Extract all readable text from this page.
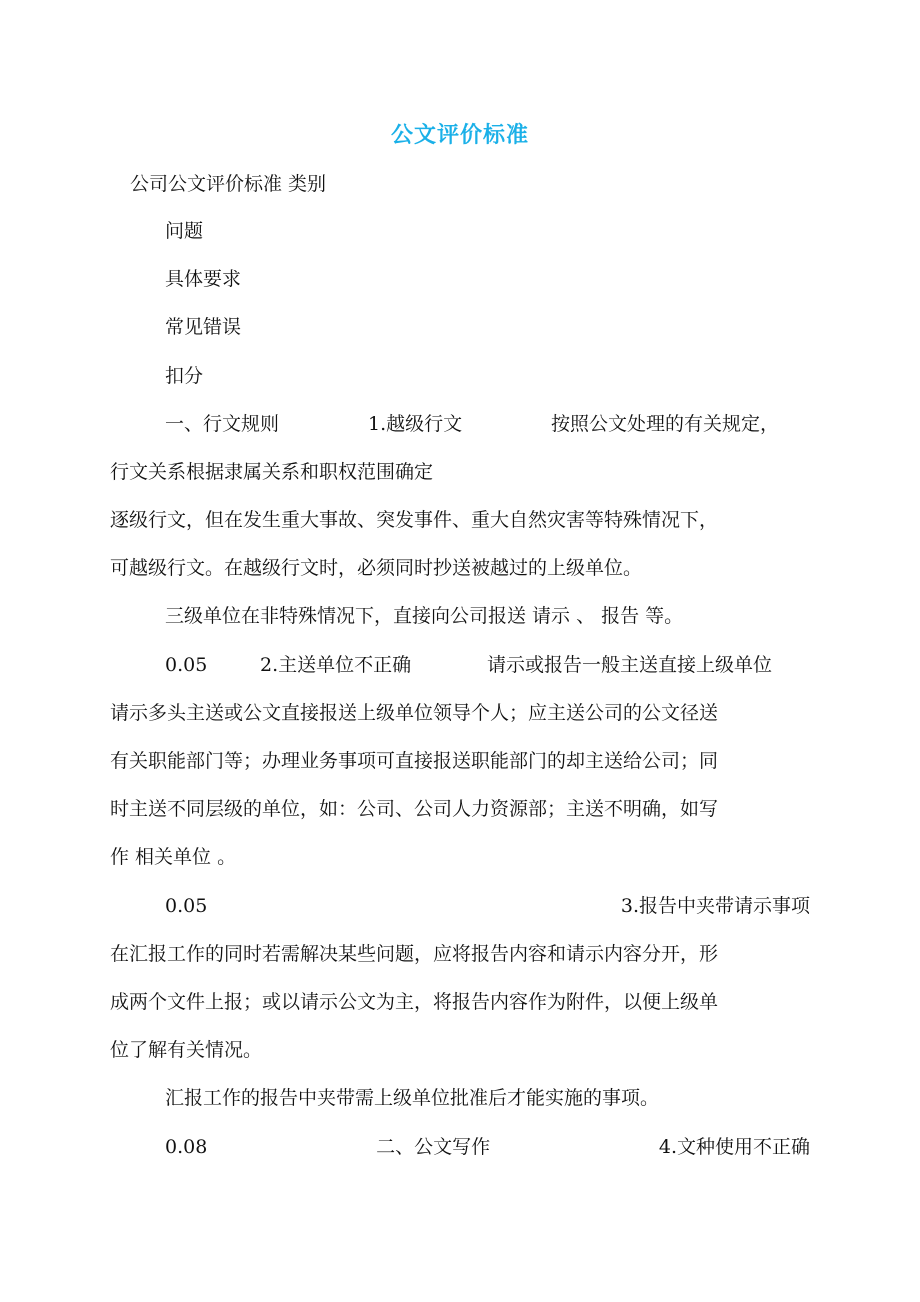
公文评价标准
公司公文评价标准 类别
问题
具体要求
常见错误
扣分
一、行文规则	1.越级行文	按照公文处理的有关规定，
行文关系根据隶属关系和职权范围确定
逐级行文，但在发生重大事故、突发事件、重大自然灾害等特殊情况下，
可越级行文。在越级行文时，必须同时抄送被越过的上级单位。
三级单位在非特殊情况下，直接向公司报送 请示 、 报告 等。
0.05	2.主送单位不正确	请示或报告一般主送直接上级单位
请示多头主送或公文直接报送上级单位领导个人；应主送公司的公文径送
有关职能部门等；办理业务事项可直接报送职能部门的却主送给公司；同
时主送不同层级的单位，如：公司、公司人力资源部；主送不明确，如写
作 相关单位 。
0.05	3.报告中夹带请示事项
在汇报工作的同时若需解决某些问题，应将报告内容和请示内容分开，形
成两个文件上报；或以请示公文为主，将报告内容作为附件，以便上级单
位了解有关情况。
汇报工作的报告中夹带需上级单位批准后才能实施的事项。
0.08	二、公文写作	4.文种使用不正确
